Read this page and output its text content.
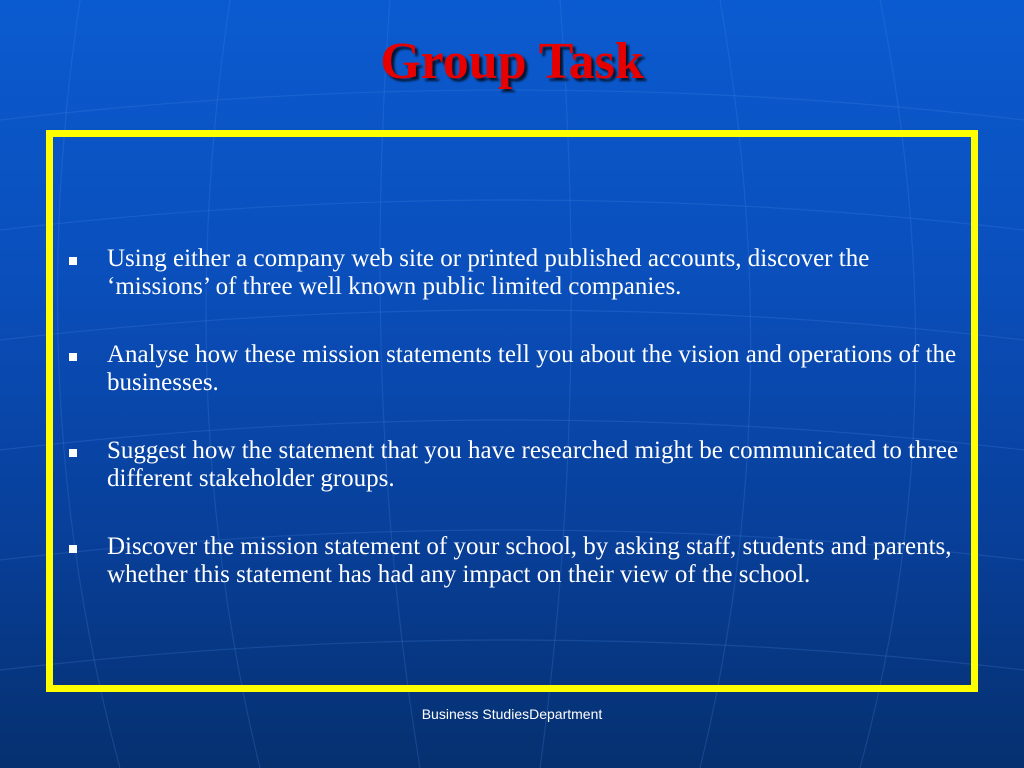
Group Task
Using either a company web site or printed published accounts, discover the ‘missions’ of three well known public limited companies.
Analyse how these mission statements tell you about the vision and operations of the businesses.
Suggest how the statement that you have researched might be communicated to three different stakeholder groups.
Discover the mission statement of your school, by asking staff, students and parents, whether this statement has had any impact on their view of the school.
Business StudiesDepartment
